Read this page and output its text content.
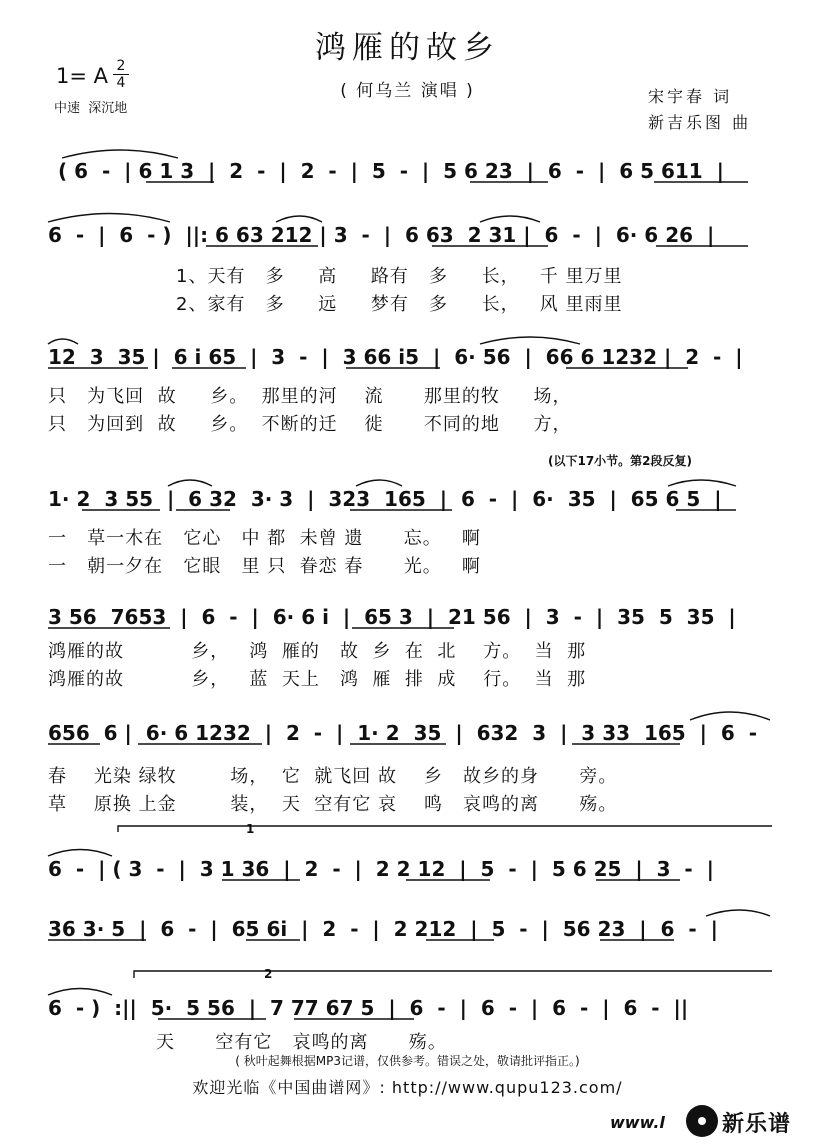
鸿雁的故乡
( 何乌兰 演唱 )
1= A 2
4
中速  深沉地
宋宇春 词
新吉乐图 曲
( 6  -  | 6 1 3  |  2  -  |  2  -  |  5  -  |  5 6 23  |  6  -  |  6 5 611  |
6  -  |  6  - )  ||: 6 63 212 | 3  -  |  6 63  2 31 |  6  -  |  6· 6 26  |
1、天有   多     高     路有   多     长，   千 里万里
2、家有   多     远     梦有   多     长，   风 里雨里
12  3  35 |  6 i 65  |  3  -  |  3 66 i5  |  6· 56  |  66 6 1232 |  2  -  |
只   为飞回  故     乡。  那里的河    流      那里的牧     场，
只   为回到  故     乡。  不断的迁    徙      不同的地     方，
(以下17小节。第2段反复)
1· 2  3 55  |  6 32  3· 3  |  323  165  |  6  -  |  6·  35  |  65 6 5  |
一   草一木在   它心   中 都  未曾 遗      忘。   啊
一   朝一夕在   它眼   里 只  眷恋 春      光。   啊
3 56  7653  |  6  -  |  6· 6 i  |  65 3  |  21 56  |  3  -  |  35  5  35  |
鸿雁的故          乡，   鸿  雁的   故  乡  在  北    方。  当  那
鸿雁的故          乡，   蓝  天上   鸿  雁  排  成    行。  当  那
656  6 |  6· 6 1232  |  2  -  |  1· 2  35  |  632  3  |  3 33  165  |  6  -
春    光染 绿牧        场，  它  就飞回 故    乡   故乡的身      旁。
草    原换 上金        装，  天  空有它 哀    鸣   哀鸣的离      殇。
1
6  -  | ( 3  -  |  3 1 36  |  2  -  |  2 2 12  |  5  -  |  5 6 25  |  3  -  |
36 3· 5  |  6  -  |  65 6i  |  2  -  |  2 212  |  5  -  |  56 23  |  6  -  |
2
6  - )  :||  5·  5 56  |  7 77 67 5  |  6  -  |  6  -  |  6  -  |  6  -  ||
天      空有它   哀鸣的离      殇。
( 秋叶起舞根据MP3记谱，仅供参考。错误之处，敬请批评指正。)
欢迎光临《中国曲谱网》: http://www.qupu123.com/
www.l	新乐谱
